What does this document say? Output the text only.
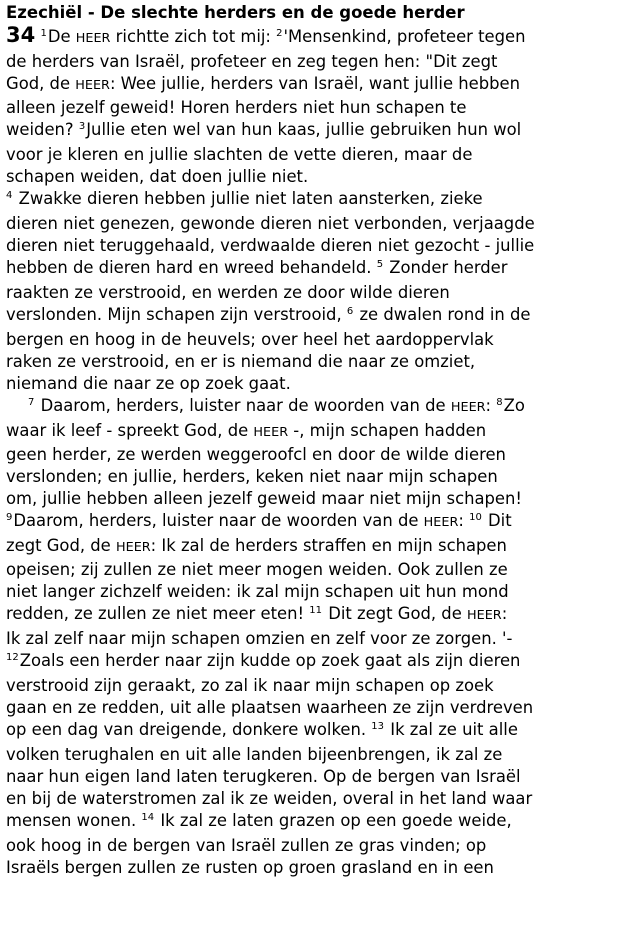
Ezechiël - De slechte herders en de goede herder
34 $^1$De HEER richtte zich tot mij: $^2$'Mensenkind, profeteer tegen
de herders van Israël, profeteer en zeg tegen hen: "Dit zegt
God, de HEER: Wee jullie, herders van Israël, want jullie hebben
alleen jezelf geweid! Horen herders niet hun schapen te
weiden? $^3$Jullie eten wel van hun kaas, jullie gebruiken hun wol
voor je kleren en jullie slachten de vette dieren, maar de
schapen weiden, dat doen jullie niet.
$^4$ Zwakke dieren hebben jullie niet laten aansterken, zieke
dieren niet genezen, gewonde dieren niet verbonden, verjaagde
dieren niet teruggehaald, verdwaalde dieren niet gezocht - jullie
hebben de dieren hard en wreed behandeld. $^5$ Zonder herder
raakten ze verstrooid, en werden ze door wilde dieren
verslonden. Mijn schapen zijn verstrooid, $^6$ ze dwalen rond in de
bergen en hoog in de heuvels; over heel het aardoppervlak
raken ze verstrooid, en er is niemand die naar ze omziet,
niemand die naar ze op zoek gaat.
$^7$ Daarom, herders, luister naar de woorden van de HEER: $^8$Zo
waar ik leef - spreekt God, de HEER -, mijn schapen hadden
geen herder, ze werden weggeroofcl en door de wilde dieren
verslonden; en jullie, herders, keken niet naar mijn schapen
om, jullie hebben alleen jezelf geweid maar niet mijn schapen!
$^9$Daarom, herders, luister naar de woorden van de HEER: $^{10}$ Dit
zegt God, de HEER: Ik zal de herders straffen en mijn schapen
opeisen; zij zullen ze niet meer mogen weiden. Ook zullen ze
niet langer zichzelf weiden: ik zal mijn schapen uit hun mond
redden, ze zullen ze niet meer eten! $^{11}$ Dit zegt God, de HEER:
Ik zal zelf naar mijn schapen omzien en zelf voor ze zorgen. '-
$^{12}$Zoals een herder naar zijn kudde op zoek gaat als zijn dieren
verstrooid zijn geraakt, zo zal ik naar mijn schapen op zoek
gaan en ze redden, uit alle plaatsen waarheen ze zijn verdreven
op een dag van dreigende, donkere wolken. $^{13}$ Ik zal ze uit alle
volken terughalen en uit alle landen bijeenbrengen, ik zal ze
naar hun eigen land laten terugkeren. Op de bergen van Israël
en bij de waterstromen zal ik ze weiden, overal in het land waar
mensen wonen. $^{14}$ Ik zal ze laten grazen op een goede weide,
ook hoog in de bergen van Israël zullen ze gras vinden; op
Israëls bergen zullen ze rusten op groen grasland en in een
